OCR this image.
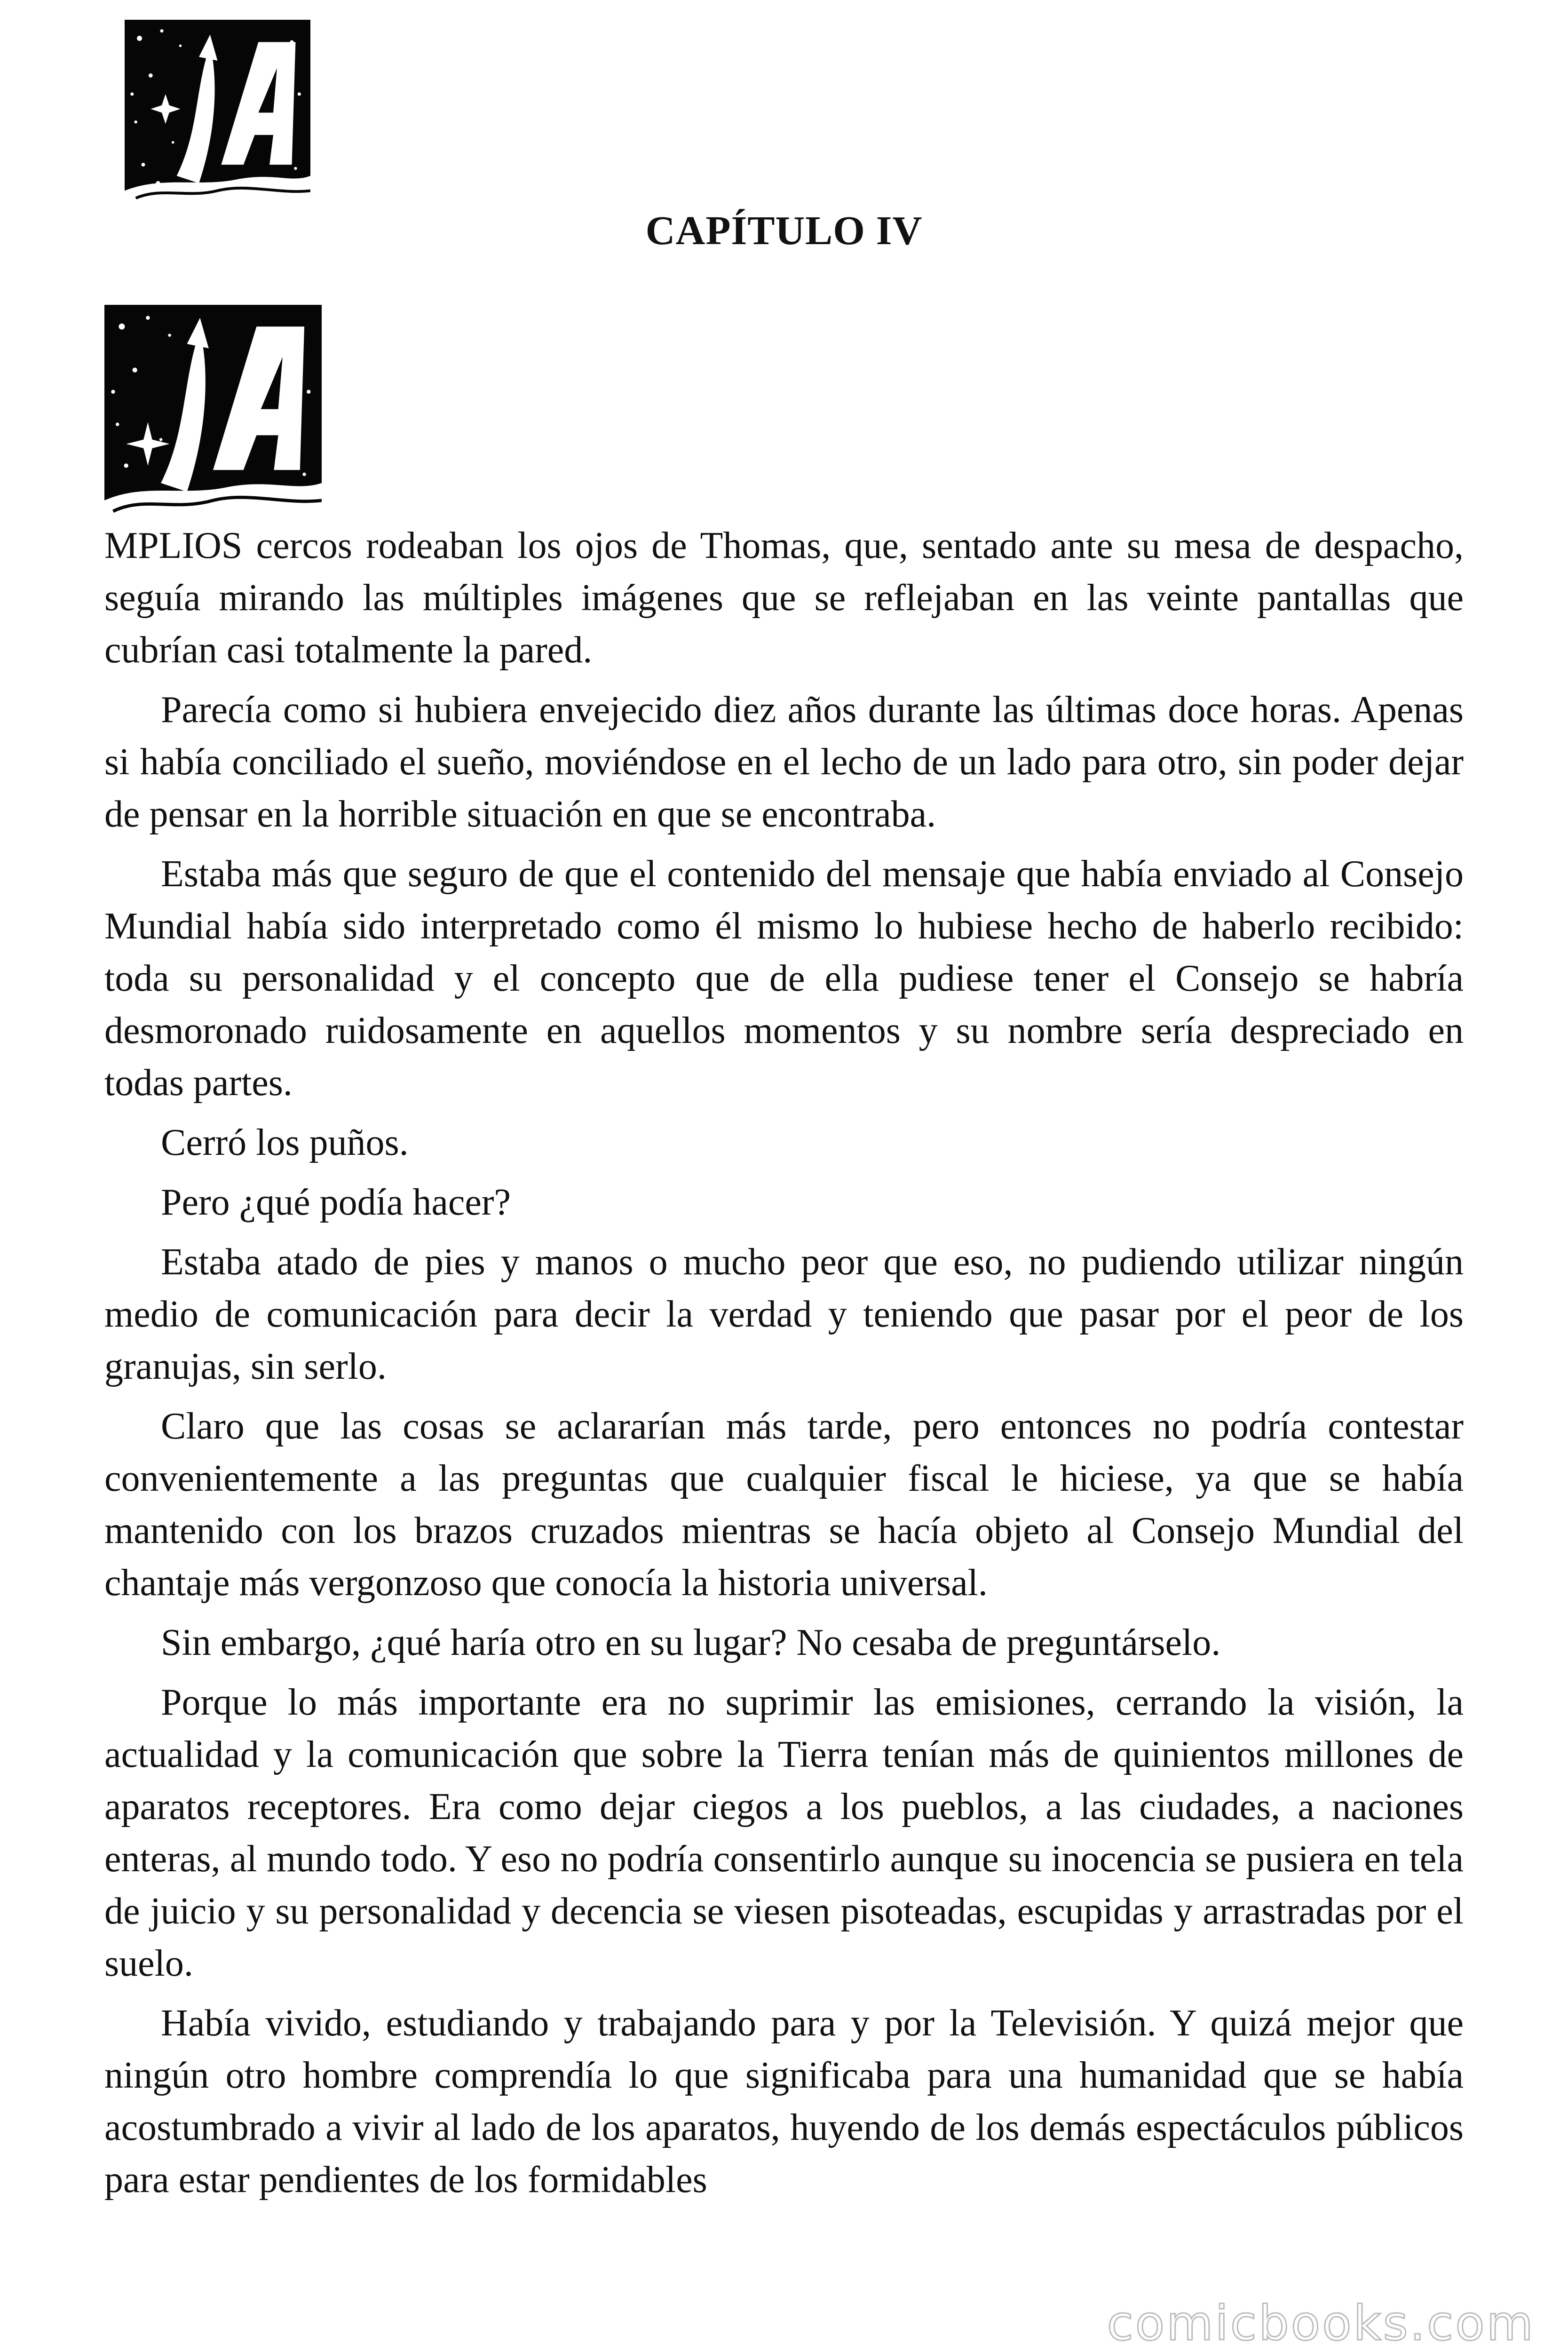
CAPÍTULO IV

MPLIOS cercos rodeaban los ojos de Thomas, que, sentado ante su mesa de despacho, seguía mirando las múltiples imágenes que se reflejaban en las veinte pantallas que cubrían casi totalmente la pared.

Parecía como si hubiera envejecido diez años durante las últimas doce horas. Apenas si había conciliado el sueño, moviéndose en el lecho de un lado para otro, sin poder dejar de pensar en la horrible situación en que se encontraba.

Estaba más que seguro de que el contenido del mensaje que había enviado al Consejo Mundial había sido interpretado como él mismo lo hubiese hecho de haberlo recibido: toda su personalidad y el concepto que de ella pudiese tener el Consejo se habría desmoronado ruidosamente en aquellos momentos y su nombre sería despreciado en todas partes.

Cerró los puños.

Pero ¿qué podía hacer?

Estaba atado de pies y manos o mucho peor que eso, no pudiendo utilizar ningún medio de comunicación para decir la verdad y teniendo que pasar por el peor de los granujas, sin serlo.

Claro que las cosas se aclararían más tarde, pero entonces no podría contestar convenientemente a las preguntas que cualquier fiscal le hiciese, ya que se había mantenido con los brazos cruzados mientras se hacía objeto al Consejo Mundial del chantaje más vergonzoso que conocía la historia universal.

Sin embargo, ¿qué haría otro en su lugar? No cesaba de preguntárselo.

Porque lo más importante era no suprimir las emisiones, cerrando la visión, la actualidad y la comunicación que sobre la Tierra tenían más de quinientos millones de aparatos receptores. Era como dejar ciegos a los pueblos, a las ciudades, a naciones enteras, al mundo todo. Y eso no podría consentirlo aunque su inocencia se pusiera en tela de juicio y su personalidad y decencia se viesen pisoteadas, escupidas y arrastradas por el suelo.

Había vivido, estudiando y trabajando para y por la Televisión. Y quizá mejor que ningún otro hombre comprendía lo que significaba para una humanidad que se había acostumbrado a vivir al lado de los aparatos, huyendo de los demás espectáculos públicos para estar pendientes de los formidables

comicbooks.com
